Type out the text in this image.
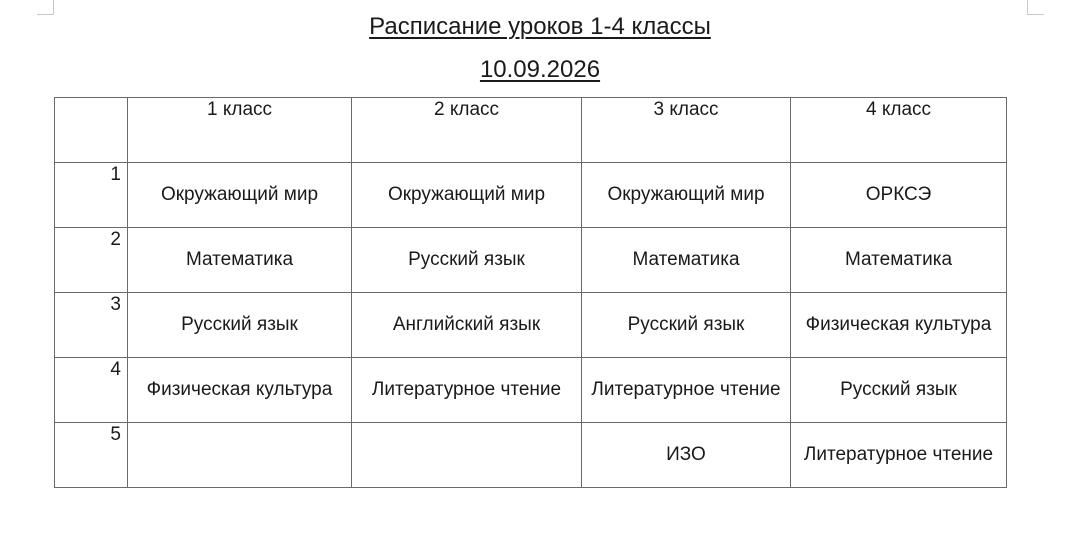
Расписание уроков 1-4 классы
10.09.2026
	1 класс	2 класс	3 класс	4 класс
1	Окружающий мир	Окружающий мир	Окружающий мир	ОРКСЭ
2	Математика	Русский язык	Математика	Математика
3	Русский язык	Английский язык	Русский язык	Физическая культура
4	Физическая культура	Литературное чтение	Литературное чтение	Русский язык
5			ИЗО	Литературное чтение
